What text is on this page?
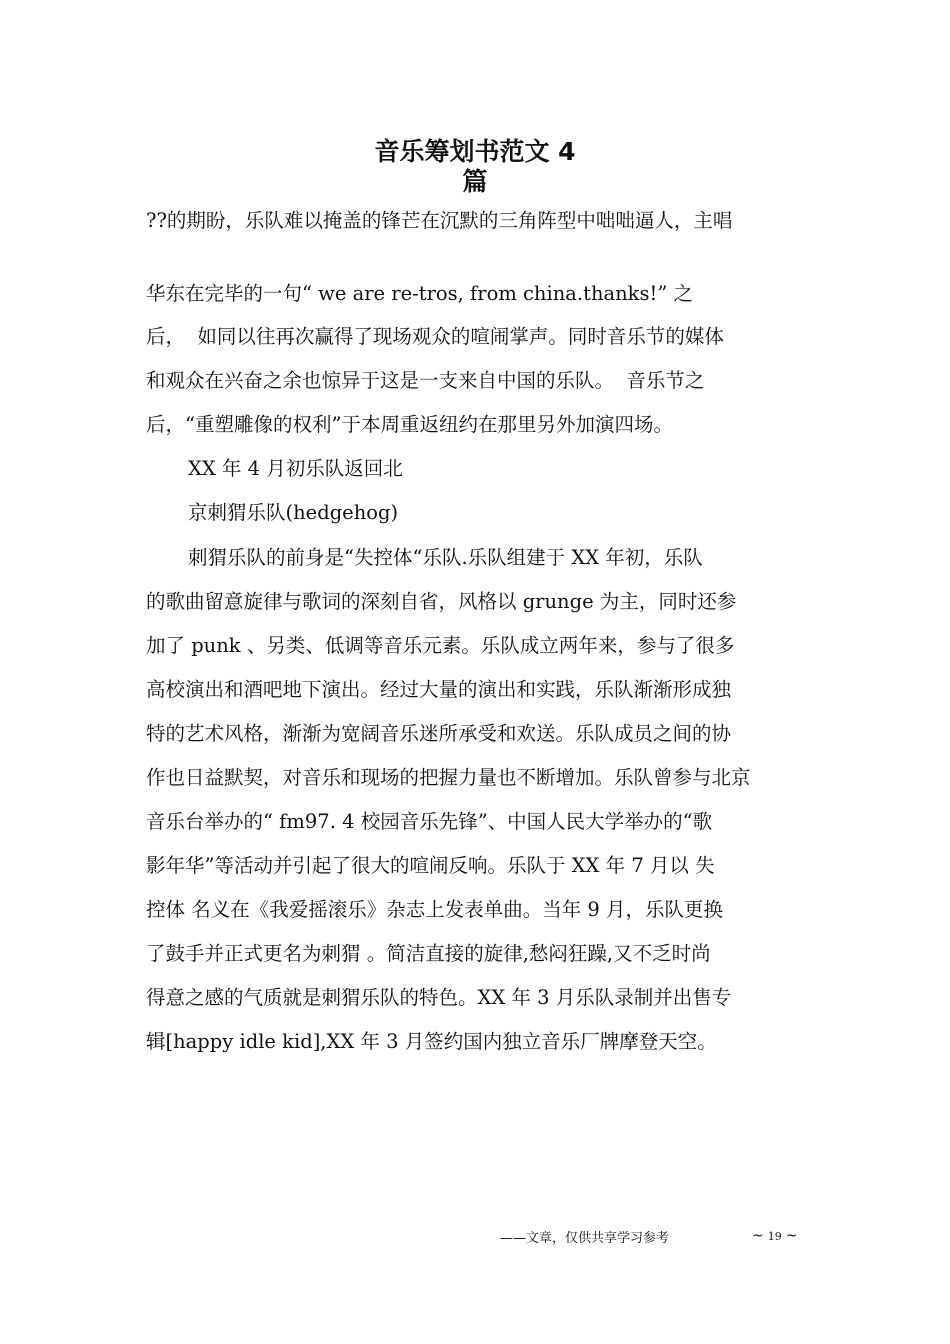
音乐筹划书范文 4
篇

??的期盼，乐队难以掩盖的锋芒在沉默的三角阵型中咄咄逼人，主唱

华东在完毕的一句“ we are re-tros, from china.thanks!” 之

后，  如同以往再次赢得了现场观众的喧闹掌声。同时音乐节的媒体

和观众在兴奋之余也惊异于这是一支来自中国的乐队。  音乐节之

后，“重塑雕像的权利”于本周重返纽约在那里另外加演四场。

XX 年 4 月初乐队返回北

京刺猬乐队(hedgehog)

刺猬乐队的前身是“失控体“乐队.乐队组建于 XX 年初，乐队

的歌曲留意旋律与歌词的深刻自省，风格以 grunge 为主，同时还参

加了 punk 、另类、低调等音乐元素。乐队成立两年来，参与了很多

高校演出和酒吧地下演出。经过大量的演出和实践，乐队渐渐形成独

特的艺术风格，渐渐为宽阔音乐迷所承受和欢送。乐队成员之间的协

作也日益默契，对音乐和现场的把握力量也不断增加。乐队曾参与北京

音乐台举办的“ fm97. 4 校园音乐先锋”、中国人民大学举办的“歌

影年华”等活动并引起了很大的喧闹反响。乐队于 XX 年 7 月以 失

控体 名义在《我爱摇滚乐》杂志上发表单曲。当年 9 月，乐队更换

了鼓手并正式更名为刺猬 。简洁直接的旋律,愁闷狂躁,又不乏时尚

得意之感的气质就是刺猬乐队的特色。XX 年 3 月乐队录制并出售专

辑[happy idle kid],XX 年 3 月签约国内独立音乐厂牌摩登天空。

——文章，仅供共享学习参考	~ 19 ~
